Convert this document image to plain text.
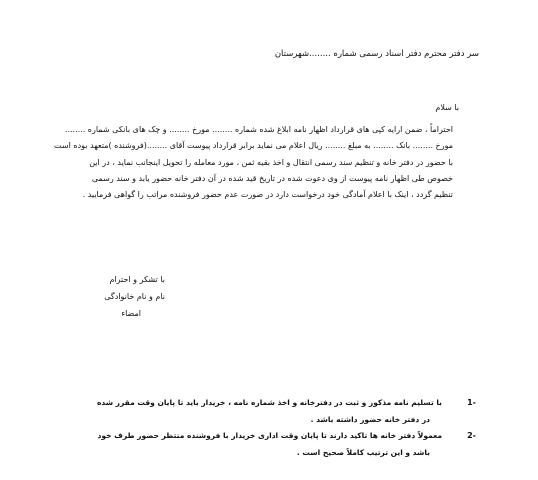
سر دفتر محترم دفتر اسناد رسمی شماره ........شهرستان
با سلام
احتراماً ، ضمن ارایه کپی های قرارداد اظهار نامه ابلاغ شده شماره ........ مورخ ........ و چک های بانکی شماره ........
مورخ ........ بانک ........ به مبلغ ........ ریال اعلام می نماید برابر قرارداد پیوست آقای ........(فروشنده )متعهد بوده است
با حضور در دفتر خانه و تنظیم سند رسمی انتقال و اخذ بقیه ثمن ، مورد معامله را تحویل اینجانب نماید ، در این
خصوص طی اظهار نامه پیوست از وی دعوت شده در تاریخ قید شده در آن دفتر خانه حضور یابد و سند رسمی
تنظیم گردد ، اینک با اعلام آمادگی خود درخواست دارد در صورت عدم حضور فروشنده مراتب را گواهی فرمایید .
با تشکر و احترام
نام و نام خانوادگی
امضاء
1-
با تسلیم نامه مذکور و ثبت در دفترخانه و اخذ شماره نامه ، خریدار باید تا پایان وقت مقرر شده
در دفتر خانه حضور داشته باشد .
2-
معمولاً دفتر خانه ها تاکید دارند تا پایان وقت اداری خریدار با فروشنده منتظر حضور طرف خود
باشد و این ترتیب کاملاً صحیح است .
